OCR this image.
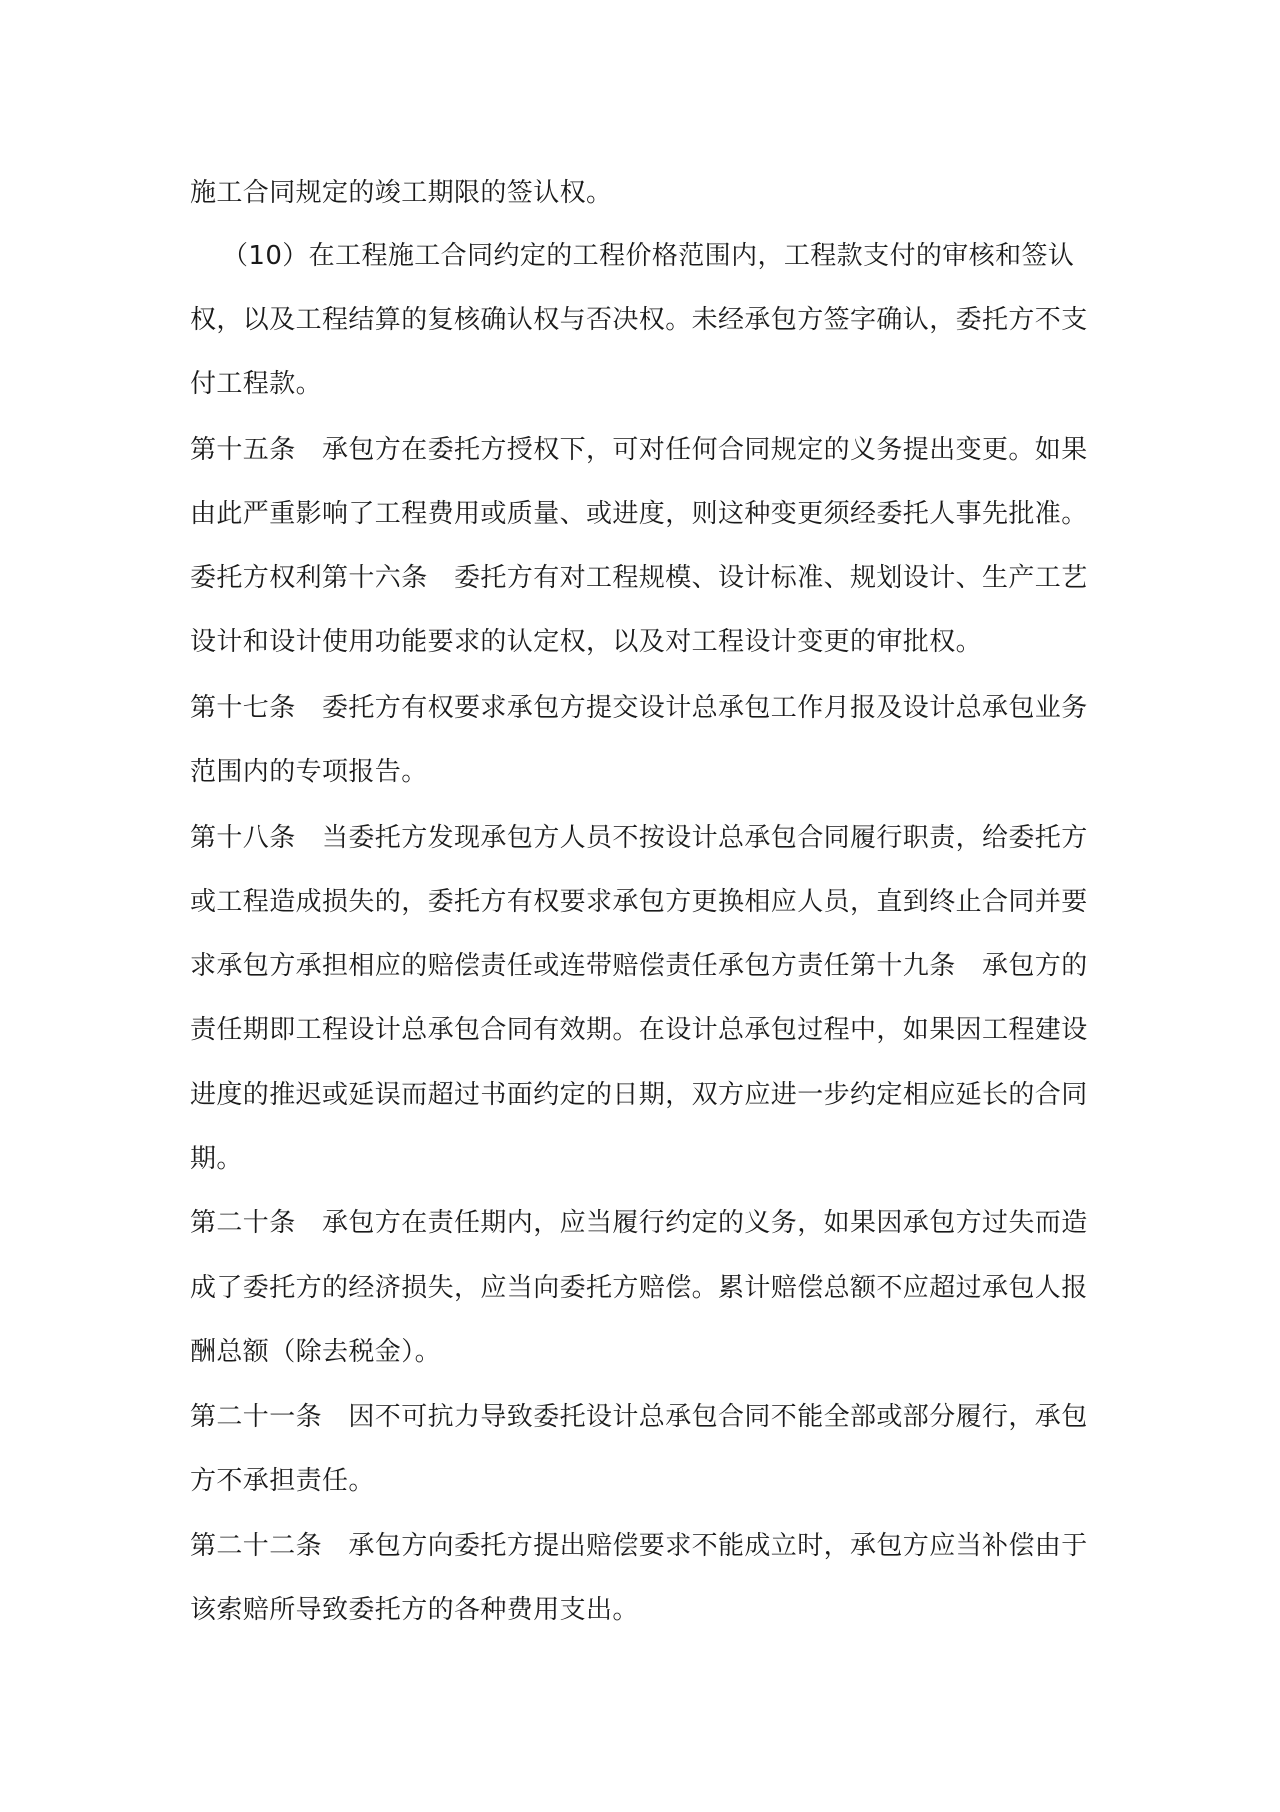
施工合同规定的竣工期限的签认权。
（10）在工程施工合同约定的工程价格范围内，工程款支付的审核和签认
权，以及工程结算的复核确认权与否决权。未经承包方签字确认，委托方不支
付工程款。
第十五条　承包方在委托方授权下，可对任何合同规定的义务提出变更。如果
由此严重影响了工程费用或质量、或进度，则这种变更须经委托人事先批准。
委托方权利第十六条　委托方有对工程规模、设计标准、规划设计、生产工艺
设计和设计使用功能要求的认定权，以及对工程设计变更的审批权。
第十七条　委托方有权要求承包方提交设计总承包工作月报及设计总承包业务
范围内的专项报告。
第十八条　当委托方发现承包方人员不按设计总承包合同履行职责，给委托方
或工程造成损失的，委托方有权要求承包方更换相应人员，直到终止合同并要
求承包方承担相应的赔偿责任或连带赔偿责任承包方责任第十九条　承包方的
责任期即工程设计总承包合同有效期。在设计总承包过程中，如果因工程建设
进度的推迟或延误而超过书面约定的日期，双方应进一步约定相应延长的合同
期。
第二十条　承包方在责任期内，应当履行约定的义务，如果因承包方过失而造
成了委托方的经济损失，应当向委托方赔偿。累计赔偿总额不应超过承包人报
酬总额（除去税金）。
第二十一条　因不可抗力导致委托设计总承包合同不能全部或部分履行，承包
方不承担责任。
第二十二条　承包方向委托方提出赔偿要求不能成立时，承包方应当补偿由于
该索赔所导致委托方的各种费用支出。
